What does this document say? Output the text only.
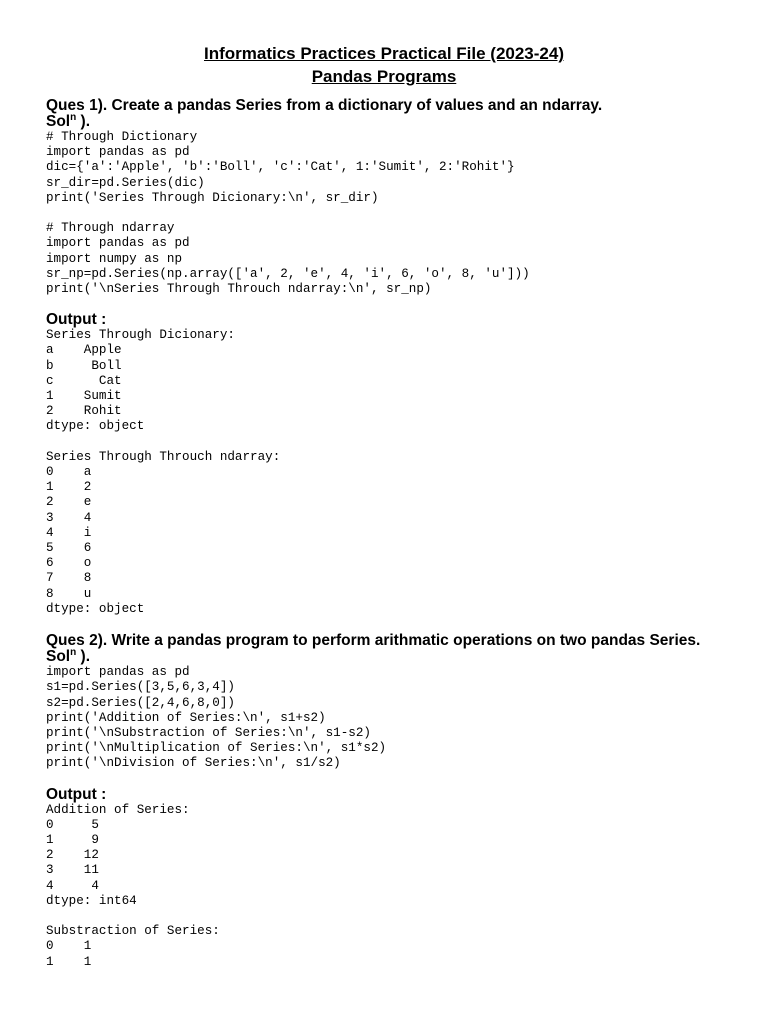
Informatics Practices Practical File (2023-24)
Pandas Programs

Ques 1). Create a pandas Series from a dictionary of values and an ndarray.

Sol$^n$ ).

# Through Dictionary
import pandas as pd
dic={'a':'Apple', 'b':'Boll', 'c':'Cat', 1:'Sumit', 2:'Rohit'}
sr_dir=pd.Series(dic)
print('Series Through Dicionary:\n', sr_dir)

# Through ndarray
import pandas as pd
import numpy as np
sr_np=pd.Series(np.array(['a', 2, 'e', 4, 'i', 6, 'o', 8, 'u']))
print('\nSeries Through Throuch ndarray:\n', sr_np)

Output :

Series Through Dicionary:
a    Apple
b     Boll
c      Cat
1    Sumit
2    Rohit
dtype: object

Series Through Throuch ndarray:
0    a
1    2
2    e
3    4
4    i
5    6
6    o
7    8
8    u
dtype: object

Ques 2). Write a pandas program to perform arithmatic operations on two pandas Series.

Sol$^n$ ).

import pandas as pd
s1=pd.Series([3,5,6,3,4])
s2=pd.Series([2,4,6,8,0])
print('Addition of Series:\n', s1+s2)
print('\nSubstraction of Series:\n', s1-s2)
print('\nMultiplication of Series:\n', s1*s2)
print('\nDivision of Series:\n', s1/s2)

Output :

Addition of Series:
0     5
1     9
2    12
3    11
4     4
dtype: int64

Substraction of Series:
0    1
1    1
